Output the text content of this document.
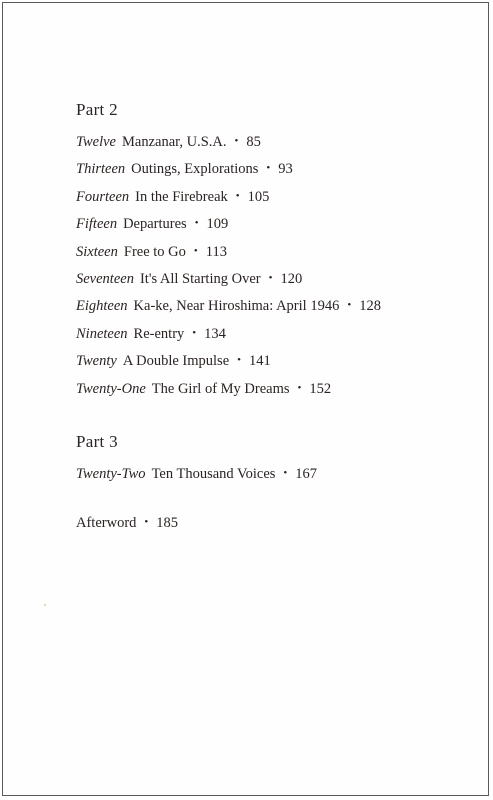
Part 2
Twelve Manzanar, U.S.A. • 85
Thirteen Outings, Explorations • 93
Fourteen In the Firebreak • 105
Fifteen Departures • 109
Sixteen Free to Go • 113
Seventeen It's All Starting Over • 120
Eighteen Ka-ke, Near Hiroshima: April 1946 • 128
Nineteen Re-entry • 134
Twenty A Double Impulse • 141
Twenty-One The Girl of My Dreams • 152
Part 3
Twenty-Two Ten Thousand Voices • 167
Afterword • 185
